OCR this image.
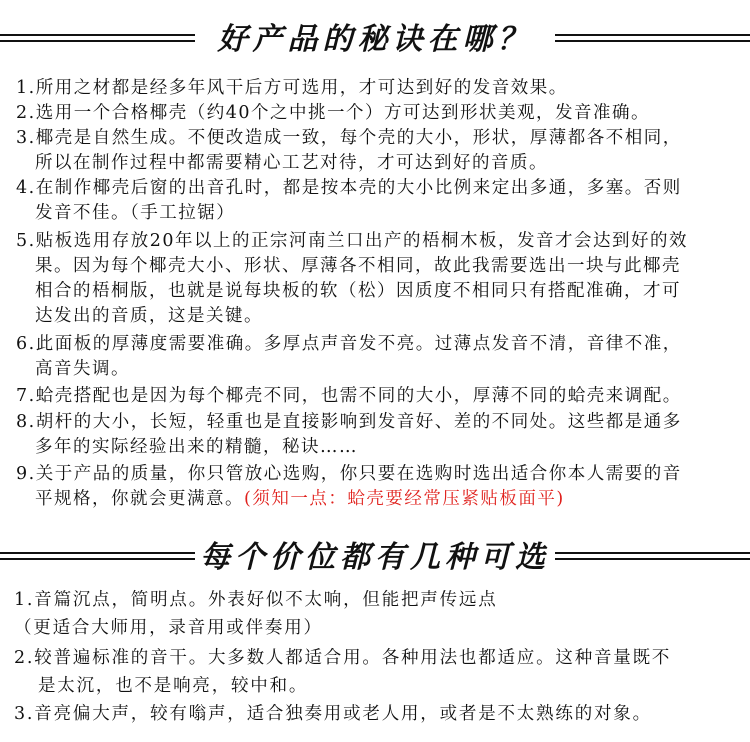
好产品的秘诀在哪？
1.所用之材都是经多年风干后方可选用，才可达到好的发音效果。
2.选用一个合格椰壳（约40个之中挑一个）方可达到形状美观，发音准确。
3.椰壳是自然生成。不便改造成一致，每个壳的大小，形状，厚薄都各不相同，
所以在制作过程中都需要精心工艺对待，才可达到好的音质。
4.在制作椰壳后窗的出音孔时，都是按本壳的大小比例来定出多通，多塞。否则
发音不佳。（手工拉锯）
5.贴板选用存放20年以上的正宗河南兰口出产的梧桐木板，发音才会达到好的效
果。因为每个椰壳大小、形状、厚薄各不相同，故此我需要选出一块与此椰壳
相合的梧桐版，也就是说每块板的软（松）因质度不相同只有搭配准确，才可
达发出的音质，这是关键。
6.此面板的厚薄度需要准确。多厚点声音发不亮。过薄点发音不清，音律不准，
高音失调。
7.蛤壳搭配也是因为每个椰壳不同，也需不同的大小，厚薄不同的蛤壳来调配。
8.胡杆的大小，长短，轻重也是直接影响到发音好、差的不同处。这些都是通多
多年的实际经验出来的精髓，秘诀……
9.关于产品的质量，你只管放心选购，你只要在选购时选出适合你本人需要的音
平规格，你就会更满意。(须知一点：蛤壳要经常压紧贴板面平)
每个价位都有几种可选
1.音篇沉点，简明点。外表好似不太响，但能把声传远点
（更适合大师用，录音用或伴奏用）
2.较普遍标准的音干。大多数人都适合用。各种用法也都适应。这种音量既不
是太沉，也不是响亮，较中和。
3.音亮偏大声，较有嗡声，适合独奏用或老人用，或者是不太熟练的对象。
